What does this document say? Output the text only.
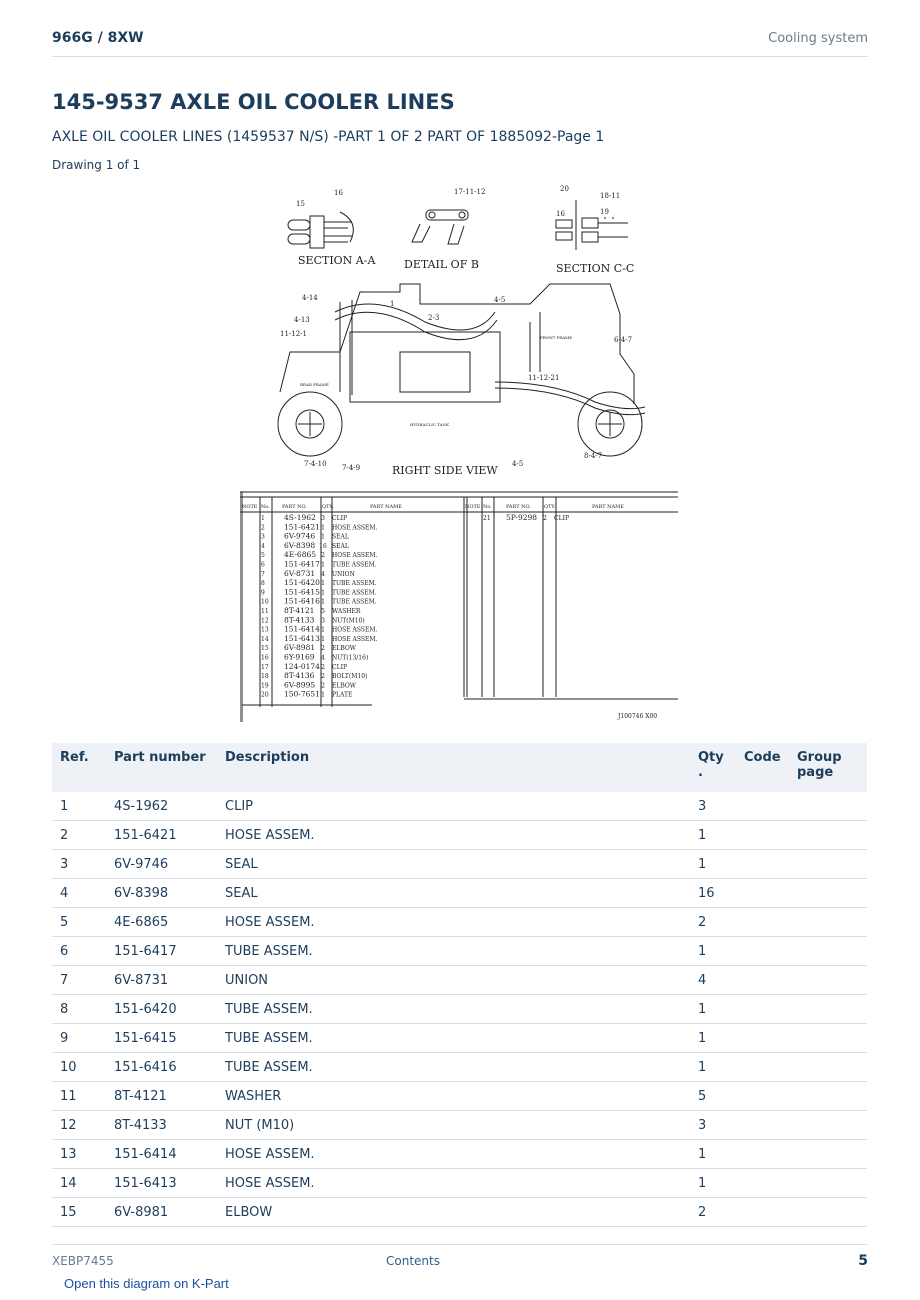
966G / 8XW	Cooling system
145-9537 AXLE OIL COOLER LINES
AXLE OIL COOLER LINES (1459537 N/S) -PART 1 OF 2 PART OF 1885092-Page 1
Drawing 1 of 1
15
16
SECTION A-A
17-11-12
DETAIL OF B
20
18-11
16	19
SECTION C-C
4-14
4-13
11-12-1
1
2-3
4-5
6-4-7
11-12-21
8-4-7
7-4-10 7-4-9	4-5
FRONT FRAME
REAR FRAME
HYDRAULIC TANK
RIGHT SIDE VIEW
NOTE No. PART NO.	QTY.	PART NAME	NOTE No.	PART NO.	QTY.	PART NAME
1	4S-1962 3 CLIP
2	151-6421 1 HOSE ASSEM.
3	6V-9746 1 SEAL
4	6V-8398 16 SEAL
5	4E-6865 2 HOSE ASSEM.
6	151-6417 1 TUBE ASSEM.
7	6V-8731 4 UNION
8	151-6420 1 TUBE ASSEM.
9	151-6415 1 TUBE ASSEM.
10 151-6416 1 TUBE ASSEM.
11 8T-4121 5 WASHER
12 8T-4133 3 NUT(M10)
13 151-6414 1 HOSE ASSEM.
14 151-6413 1 HOSE ASSEM.
15 6V-8981 2 ELBOW
16 6Y-9169 4 NUT(13/16)
17 124-0174 2 CLIP
18 8T-4136 2 BOLT(M10)
19 6V-8995 2 ELBOW
20 150-7651 1 PLATE
21 5P-9298 2 CLIP
J100746 X00
Ref.	Part number	Description	Qty .	Code	Group page
1	4S-1962	CLIP	3		
2	151-6421	HOSE ASSEM.	1		
3	6V-9746	SEAL	1		
4	6V-8398	SEAL	16		
5	4E-6865	HOSE ASSEM.	2		
6	151-6417	TUBE ASSEM.	1		
7	6V-8731	UNION	4		
8	151-6420	TUBE ASSEM.	1		
9	151-6415	TUBE ASSEM.	1		
10	151-6416	TUBE ASSEM.	1		
11	8T-4121	WASHER	5		
12	8T-4133	NUT (M10)	3		
13	151-6414	HOSE ASSEM.	1		
14	151-6413	HOSE ASSEM.	1		
15	6V-8981	ELBOW	2		
XEBP7455	Contents	5
Open this diagram on K-Part
